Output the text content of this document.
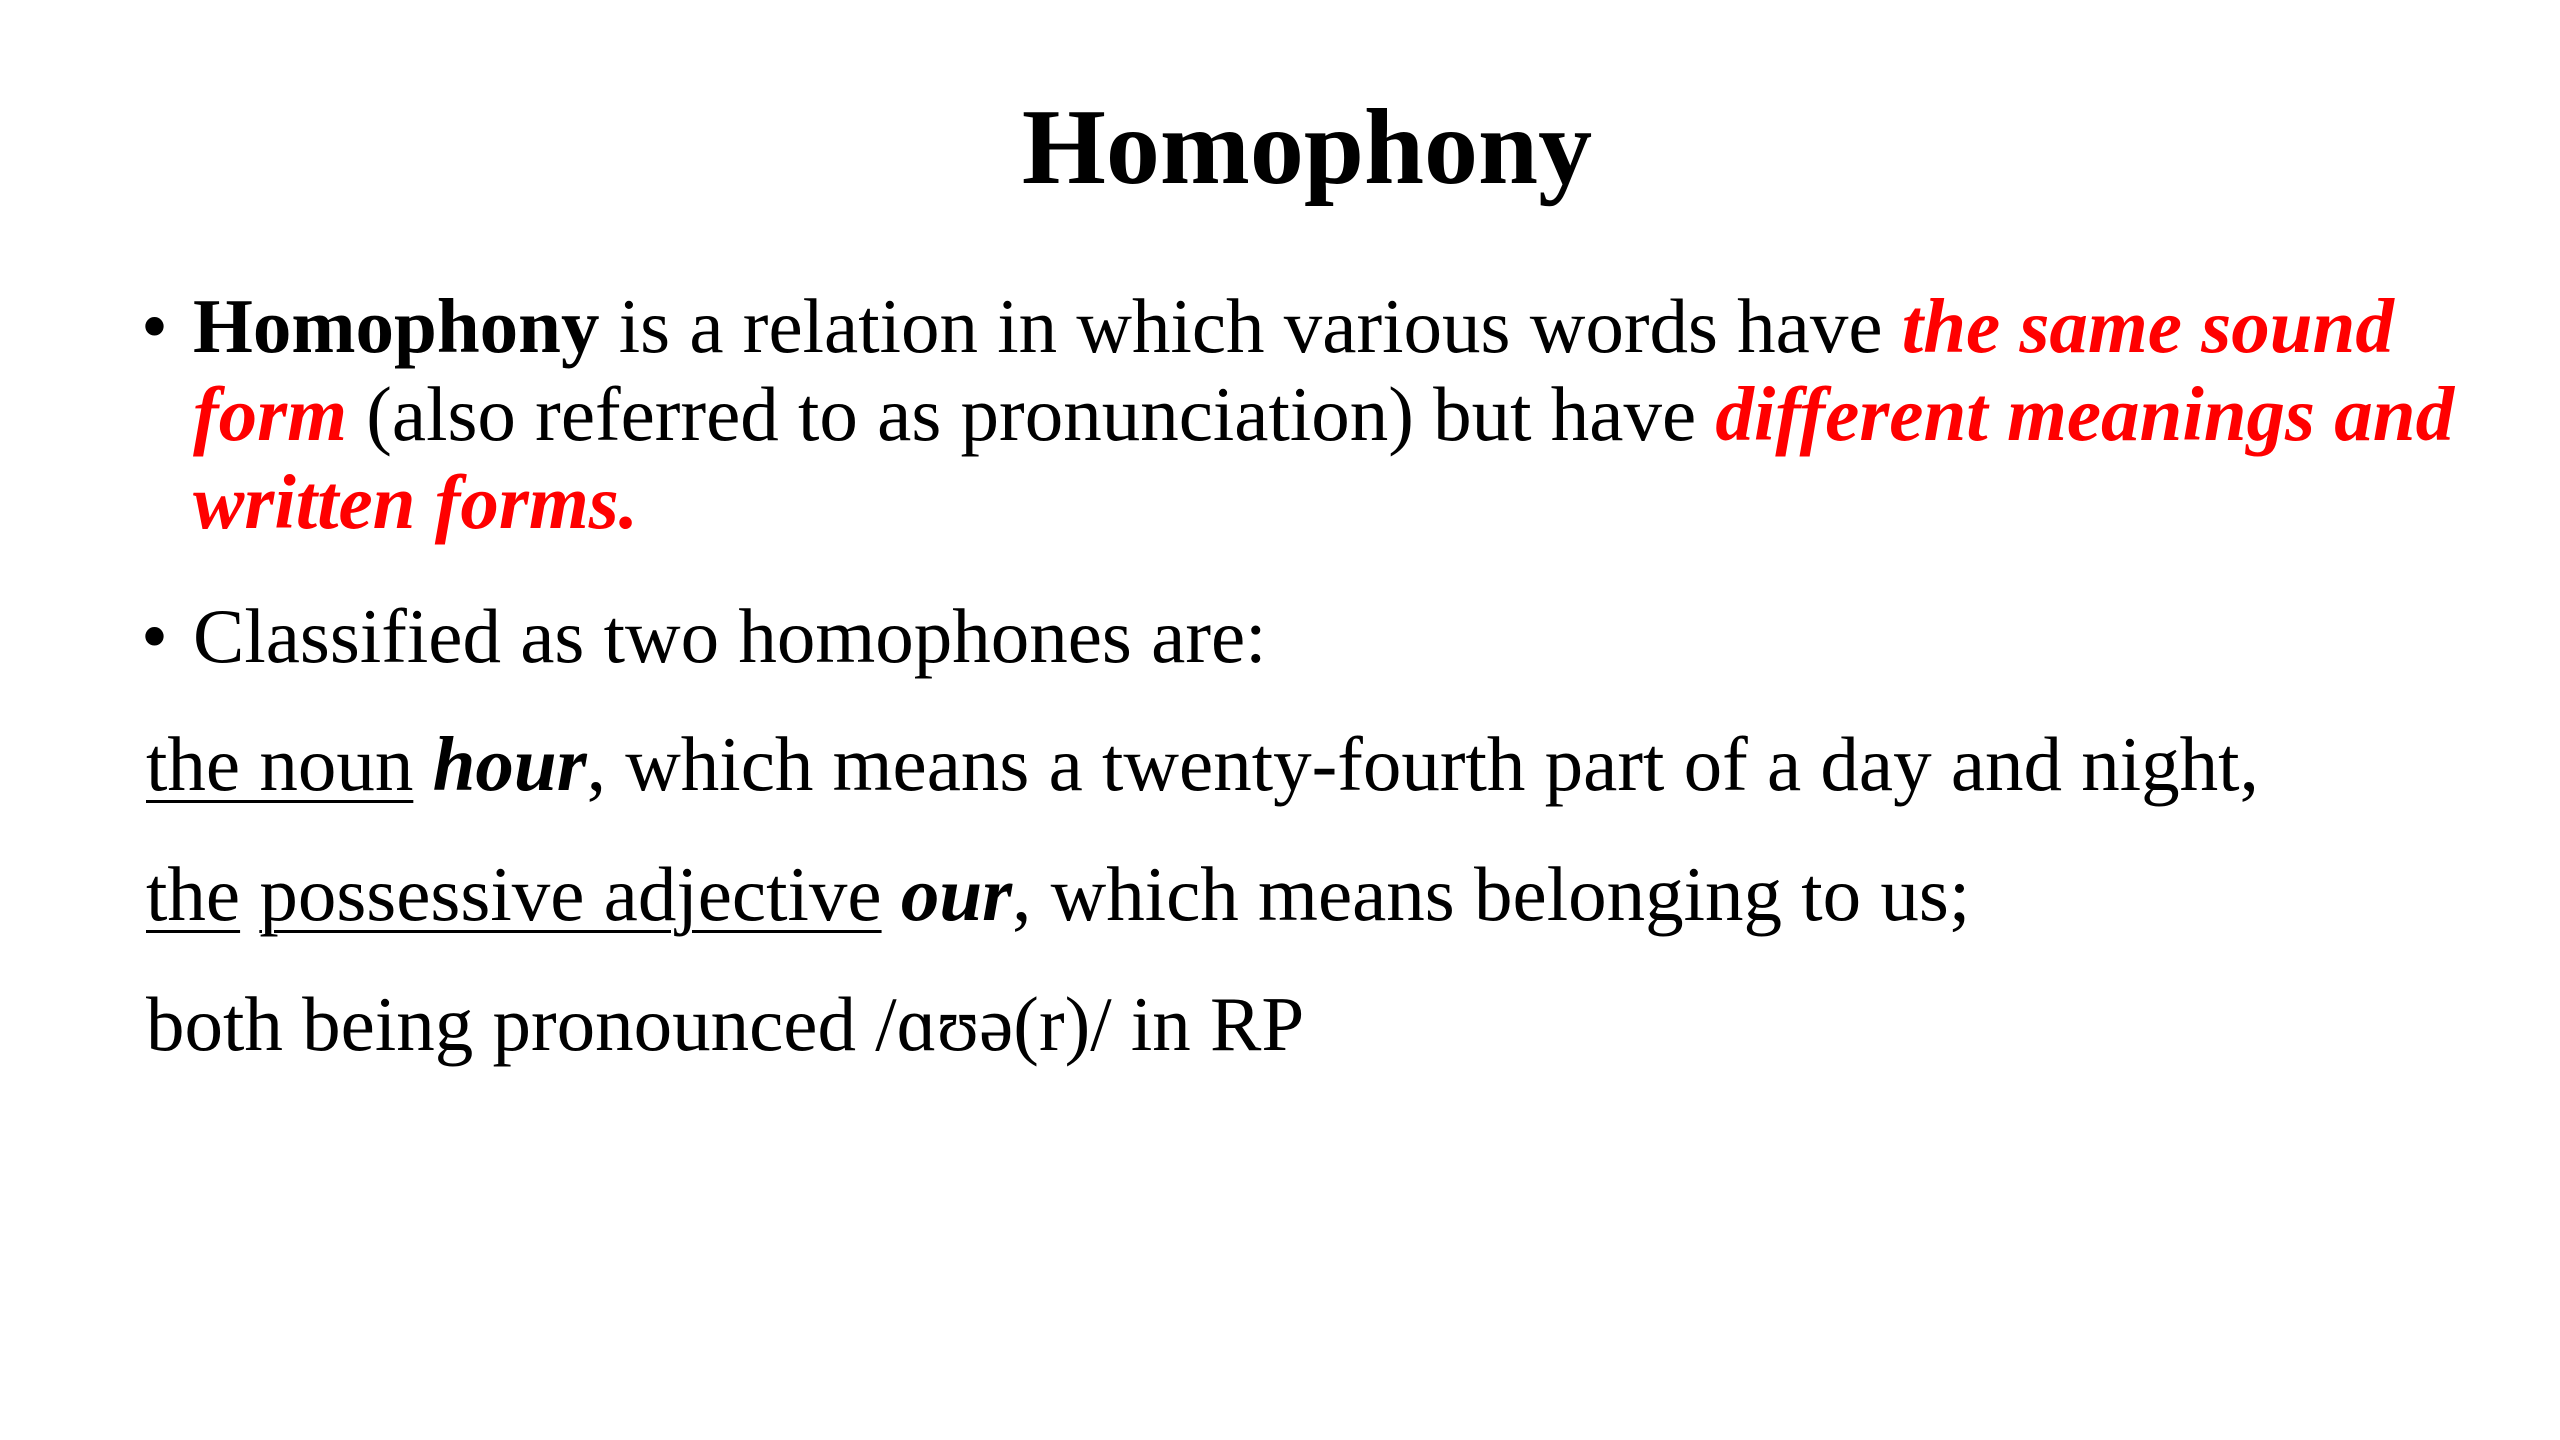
Homophony
• Homophony is a relation in which various words have the same sound form (also referred to as pronunciation) but have different meanings and written forms.
• Classified as two homophones are:
the noun hour, which means a twenty-fourth part of a day and night,
the possessive adjective our, which means belonging to us;
both being pronounced /ɑʊə(r)/ in RP
